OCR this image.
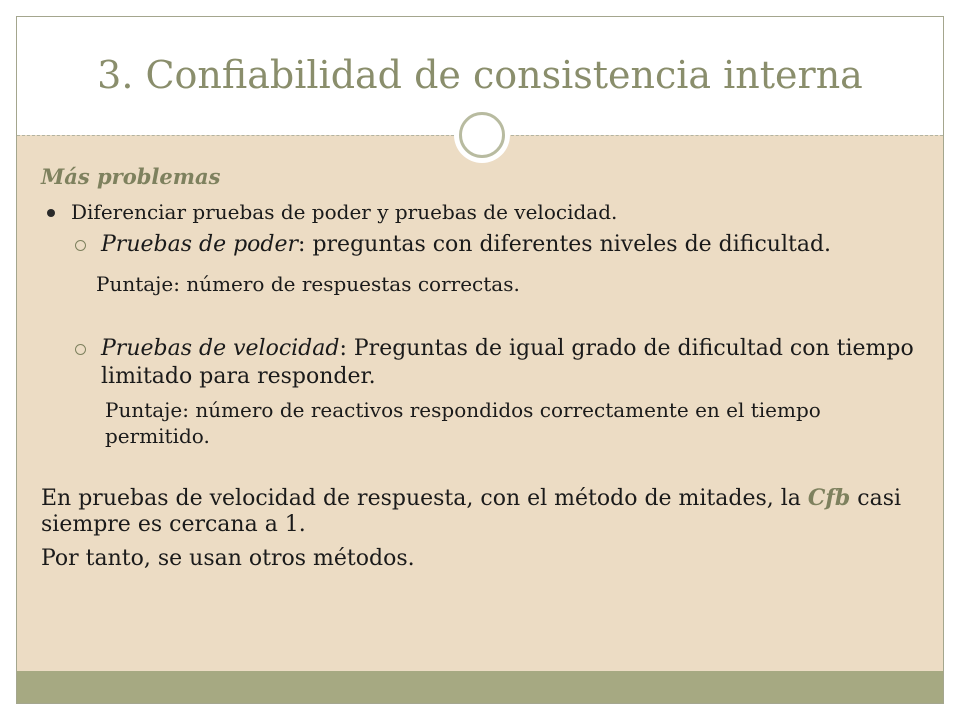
3. Confiabilidad de consistencia interna
Más problemas
Diferenciar pruebas de poder y pruebas de velocidad.
Pruebas de poder: preguntas con diferentes niveles de dificultad.
Puntaje: número de respuestas correctas.
Pruebas de velocidad: Preguntas de igual grado de dificultad con tiempo limitado para responder.
Puntaje: número de reactivos respondidos correctamente en el tiempo permitido.
En pruebas de velocidad de respuesta, con el método de mitades, la Cfb casi siempre es cercana a 1.
Por tanto, se usan otros métodos.
